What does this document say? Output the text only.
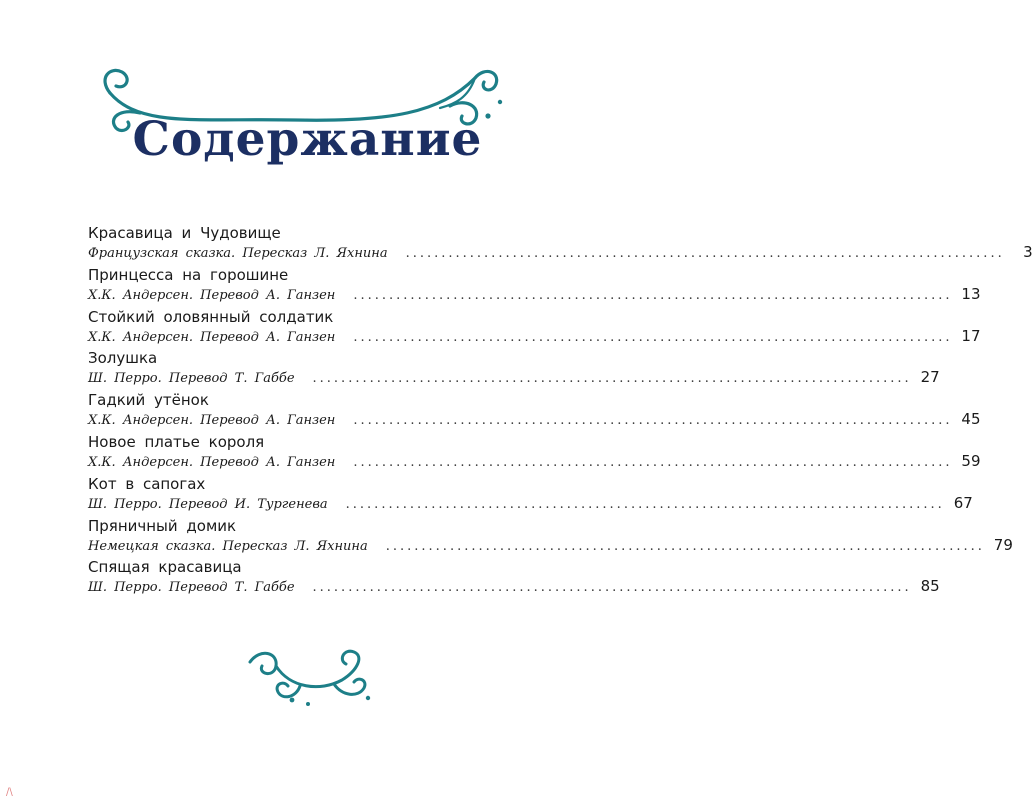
Содержание
Красавица и Чудовище
Французская сказка. Пересказ Л. Яхнина ....................................................................................	3
Принцесса на горошине
Х.К. Андерсен. Перевод А. Ганзен .................................................................................... 13
Стойкий оловянный солдатик
Х.К. Андерсен. Перевод А. Ганзен .................................................................................... 17
Золушка
Ш. Перро. Перевод Т. Габбе .................................................................................... 27
Гадкий утёнок
Х.К. Андерсен. Перевод А. Ганзен .................................................................................... 45
Новое платье короля
Х.К. Андерсен. Перевод А. Ганзен .................................................................................... 59
Кот в сапогах
Ш. Перро. Перевод И. Тургенева .................................................................................... 67
Пряничный домик
Немецкая сказка. Пересказ Л. Яхнина .................................................................................... 79
Спящая красавица
Ш. Перро. Перевод Т. Габбе .................................................................................... 85
/\
